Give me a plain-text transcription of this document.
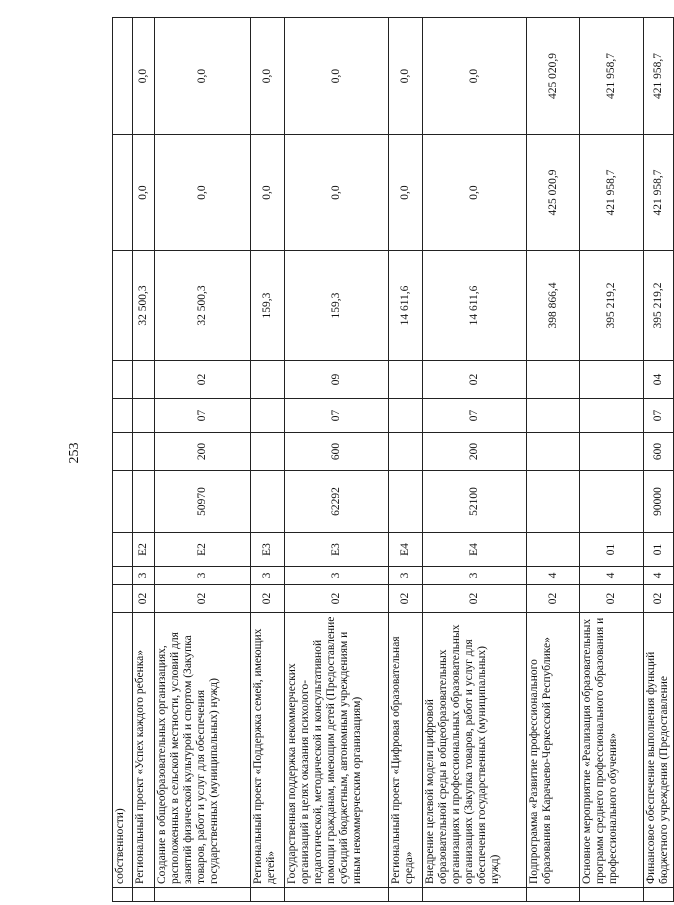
253
	собственности)										
	Региональный проект «Успех каждого ребенка»	02	3	E2					32 500,3	0,0	0,0
	Создание в общеобразовательных организациях, расположенных в сельской местности, условий для занятий физической культурой и спортом (Закупка товаров, работ и услуг для обеспечения государственных (муниципальных) нужд)	02	3	E2	50970	200	07	02	32 500,3	0,0	0,0
	Региональный проект «Поддержка семей, имеющих детей»	02	3	E3					159,3	0,0	0,0
	Государственная поддержка некоммерческих организаций в целях оказания психолого-педагогической, методической и консультативной помощи гражданам, имеющим детей (Предоставление субсидий бюджетным, автономным учреждениям и иным некоммерческим организациям)	02	3	E3	62292	600	07	09	159,3	0,0	0,0
	Региональный проект «Цифровая образовательная среда»	02	3	E4					14 611,6	0,0	0,0
	Внедрение целевой модели цифровой образовательной среды в общеобразовательных организациях и профессиональных образовательных организациях (Закупка товаров, работ и услуг для обеспечения государственных (муниципальных) нужд)	02	3	E4	52100	200	07	02	14 611,6	0,0	0,0
	Подпрограмма «Развитие профессионального образования в Карачаево-Черкесской Республике»	02	4						398 866,4	425 020,9	425 020,9
	Основное мероприятие «Реализация образовательных программ среднего профессионального образования и профессионального обучения»	02	4	01					395 219,2	421 958,7	421 958,7
	Финансовое обеспечение выполнения функций бюджетного учреждения (Предоставление	02	4	01	90000	600	07	04	395 219,2	421 958,7	421 958,7
